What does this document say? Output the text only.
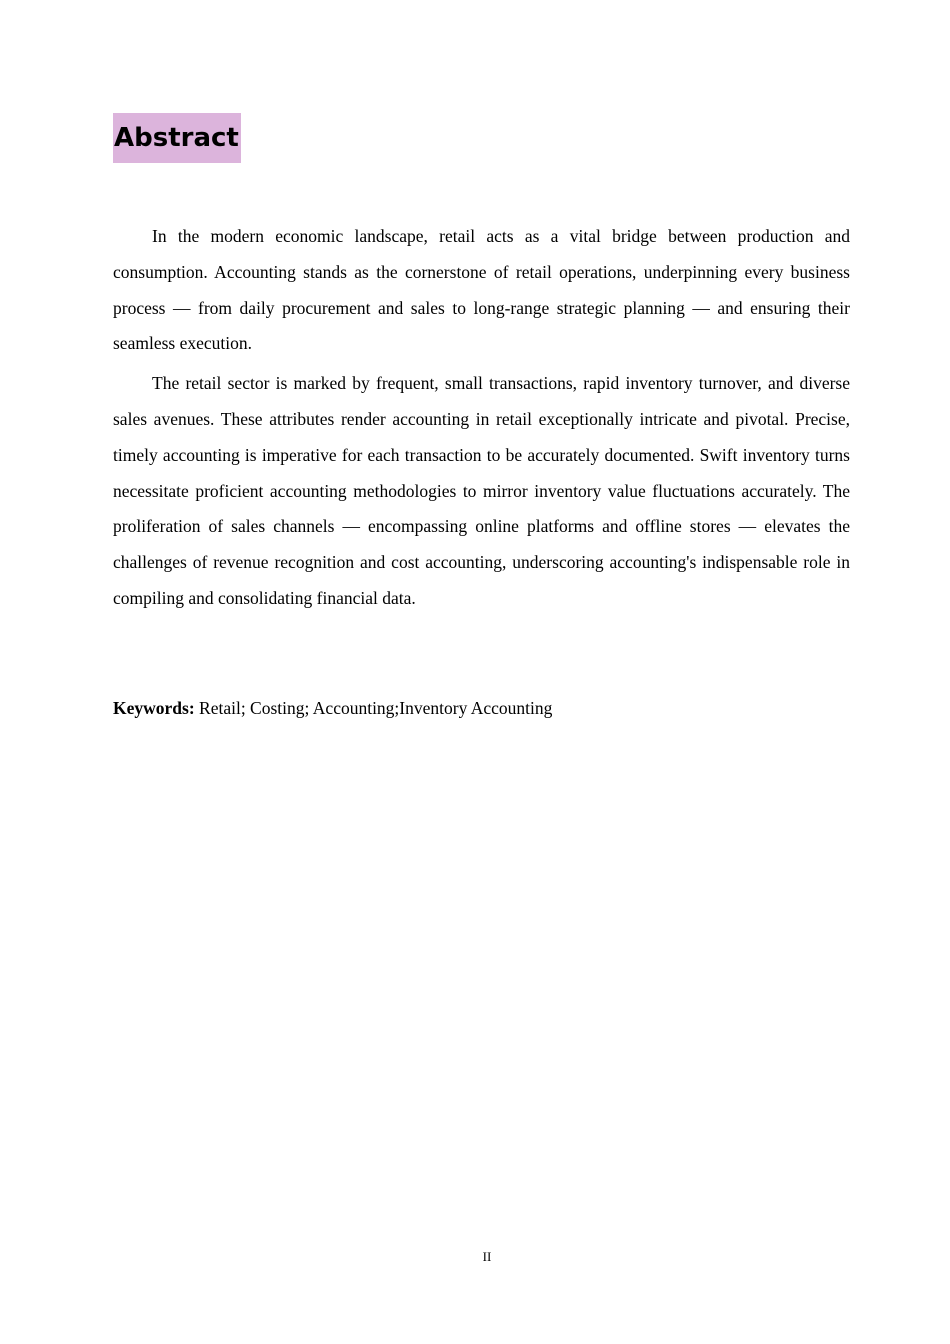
Abstract

In the modern economic landscape, retail acts as a vital bridge between production and consumption. Accounting stands as the cornerstone of retail operations, underpinning every business process — from daily procurement and sales to long-range strategic planning — and ensuring their seamless execution.

The retail sector is marked by frequent, small transactions, rapid inventory turnover, and diverse sales avenues. These attributes render accounting in retail exceptionally intricate and pivotal. Precise, timely accounting is imperative for each transaction to be accurately documented. Swift inventory turns necessitate proficient accounting methodologies to mirror inventory value fluctuations accurately. The proliferation of sales channels — encompassing online platforms and offline stores — elevates the challenges of revenue recognition and cost accounting, underscoring accounting's indispensable role in compiling and consolidating financial data.

Keywords: Retail; Costing; Accounting;Inventory Accounting
II
